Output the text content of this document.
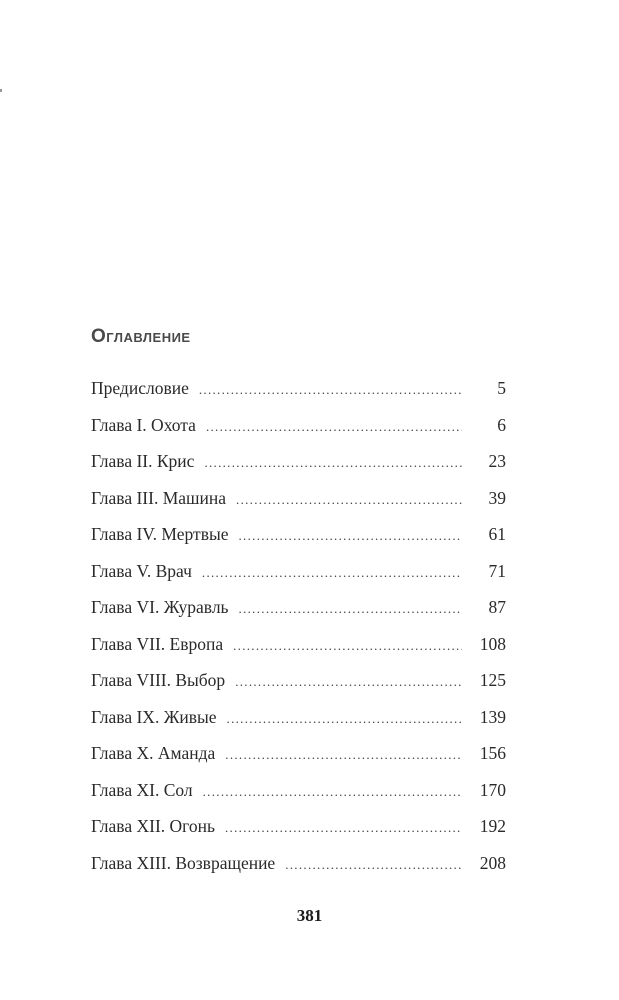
Оглавление
Предисловие .....	5
Глава I. Охота .....	6
Глава II. Крис .....	23
Глава III. Машина .....	39
Глава IV. Мертвые .....	61
Глава V. Врач .....	71
Глава VI. Журавль .....	87
Глава VII. Европа .....	108
Глава VIII. Выбор .....	125
Глава IX. Живые .....	139
Глава X. Аманда .....	156
Глава XI. Сол .....	170
Глава XII. Огонь .....	192
Глава XIII. Возвращение .....	208
381
